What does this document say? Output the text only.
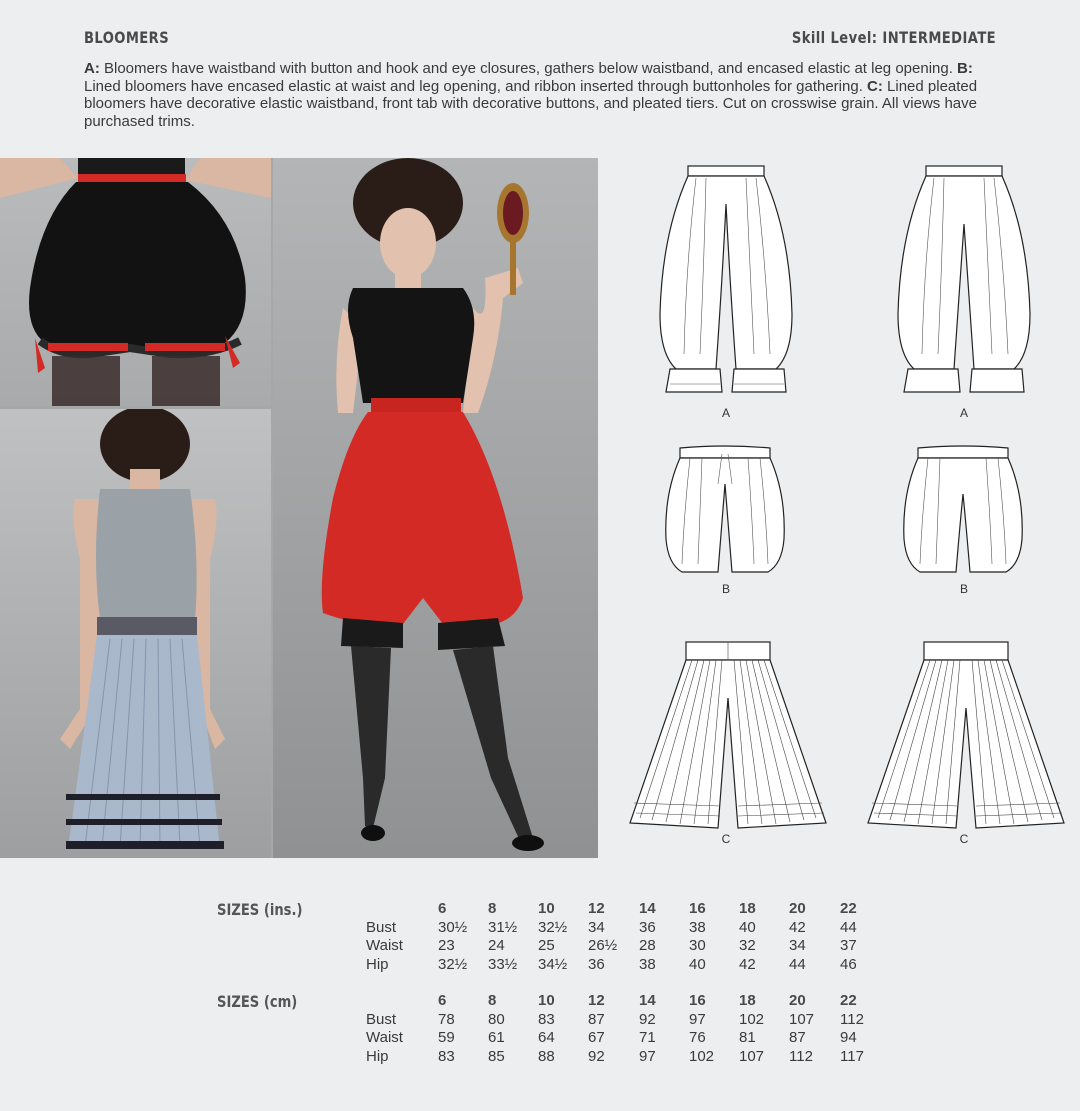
BLOOMERS	Skill Level: INTERMEDIATE
A: Bloomers have waistband with button and hook and eye closures, gathers below waistband, and encased elastic at leg opening. B: Lined bloomers have encased elastic at waist and leg opening, and ribbon inserted through buttonholes for gathering. C: Lined pleated bloomers have decorative elastic waistband, front tab with decorative buttons, and pleated tiers. Cut on crosswise grain. All views have purchased trims.
A	A
B	B
C	C
SIZES (ins.)	6	8	10 12 14 16 18 20 22
Bust	30½ 31½ 32½ 34 36 38 40 42 44
Waist 23 24 25 26½ 28 30 32 34 37
Hip	32½ 33½ 34½ 36 38 40 42 44 46
SIZES (cm)	6	8	10 12 14 16 18 20 22
Bust	78 80 83 87 92 97 102 107 112
Waist 59 61 64 67 71 76 81 87 94
Hip	83 85 88 92 97 102 107 112 117
